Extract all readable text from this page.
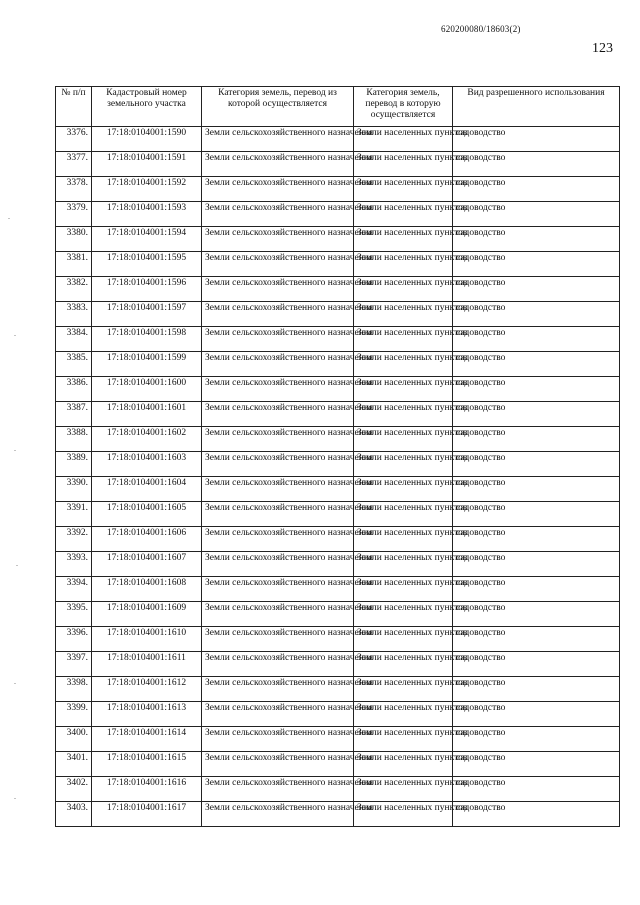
620200080/18603(2)
123
.
.
.
.
.
.
№ п/п	Кадастровый номер земельного участка	Категория земель, перевод из которой осуществляется	Категория земель, перевод в которую осуществляется	Вид разрешенного использования
3376.	17:18:0104001:1590	Земли сельскохозяйственного назначения	Земли населенных пунктов	садоводство
3377.	17:18:0104001:1591	Земли сельскохозяйственного назначения	Земли населенных пунктов	садоводство
3378.	17:18:0104001:1592	Земли сельскохозяйственного назначения	Земли населенных пунктов	садоводство
3379.	17:18:0104001:1593	Земли сельскохозяйственного назначения	Земли населенных пунктов	садоводство
3380.	17:18:0104001:1594	Земли сельскохозяйственного назначения	Земли населенных пунктов	садоводство
3381.	17:18:0104001:1595	Земли сельскохозяйственного назначения	Земли населенных пунктов	садоводство
3382.	17:18:0104001:1596	Земли сельскохозяйственного назначения	Земли населенных пунктов	садоводство
3383.	17:18:0104001:1597	Земли сельскохозяйственного назначения	Земли населенных пунктов	садоводство
3384.	17:18:0104001:1598	Земли сельскохозяйственного назначения	Земли населенных пунктов	садоводство
3385.	17:18:0104001:1599	Земли сельскохозяйственного назначения	Земли населенных пунктов	садоводство
3386.	17:18:0104001:1600	Земли сельскохозяйственного назначения	Земли населенных пунктов	садоводство
3387.	17:18:0104001:1601	Земли сельскохозяйственного назначения	Земли населенных пунктов	садоводство
3388.	17:18:0104001:1602	Земли сельскохозяйственного назначения	Земли населенных пунктов	садоводство
3389.	17:18:0104001:1603	Земли сельскохозяйственного назначения	Земли населенных пунктов	садоводство
3390.	17:18:0104001:1604	Земли сельскохозяйственного назначения	Земли населенных пунктов	садоводство
3391.	17:18:0104001:1605	Земли сельскохозяйственного назначения	Земли населенных пунктов	садоводство
3392.	17:18:0104001:1606	Земли сельскохозяйственного назначения	Земли населенных пунктов	садоводство
3393.	17:18:0104001:1607	Земли сельскохозяйственного назначения	Земли населенных пунктов	садоводство
3394.	17:18:0104001:1608	Земли сельскохозяйственного назначения	Земли населенных пунктов	садоводство
3395.	17:18:0104001:1609	Земли сельскохозяйственного назначения	Земли населенных пунктов	садоводство
3396.	17:18:0104001:1610	Земли сельскохозяйственного назначения	Земли населенных пунктов	садоводство
3397.	17:18:0104001:1611	Земли сельскохозяйственного назначения	Земли населенных пунктов	садоводство
3398.	17:18:0104001:1612	Земли сельскохозяйственного назначения	Земли населенных пунктов	садоводство
3399.	17:18:0104001:1613	Земли сельскохозяйственного назначения	Земли населенных пунктов	садоводство
3400.	17:18:0104001:1614	Земли сельскохозяйственного назначения	Земли населенных пунктов	садоводство
3401.	17:18:0104001:1615	Земли сельскохозяйственного назначения	Земли населенных пунктов	садоводство
3402.	17:18:0104001:1616	Земли сельскохозяйственного назначения	Земли населенных пунктов	садоводство
3403.	17:18:0104001:1617	Земли сельскохозяйственного назначения	Земли населенных пунктов	садоводство
